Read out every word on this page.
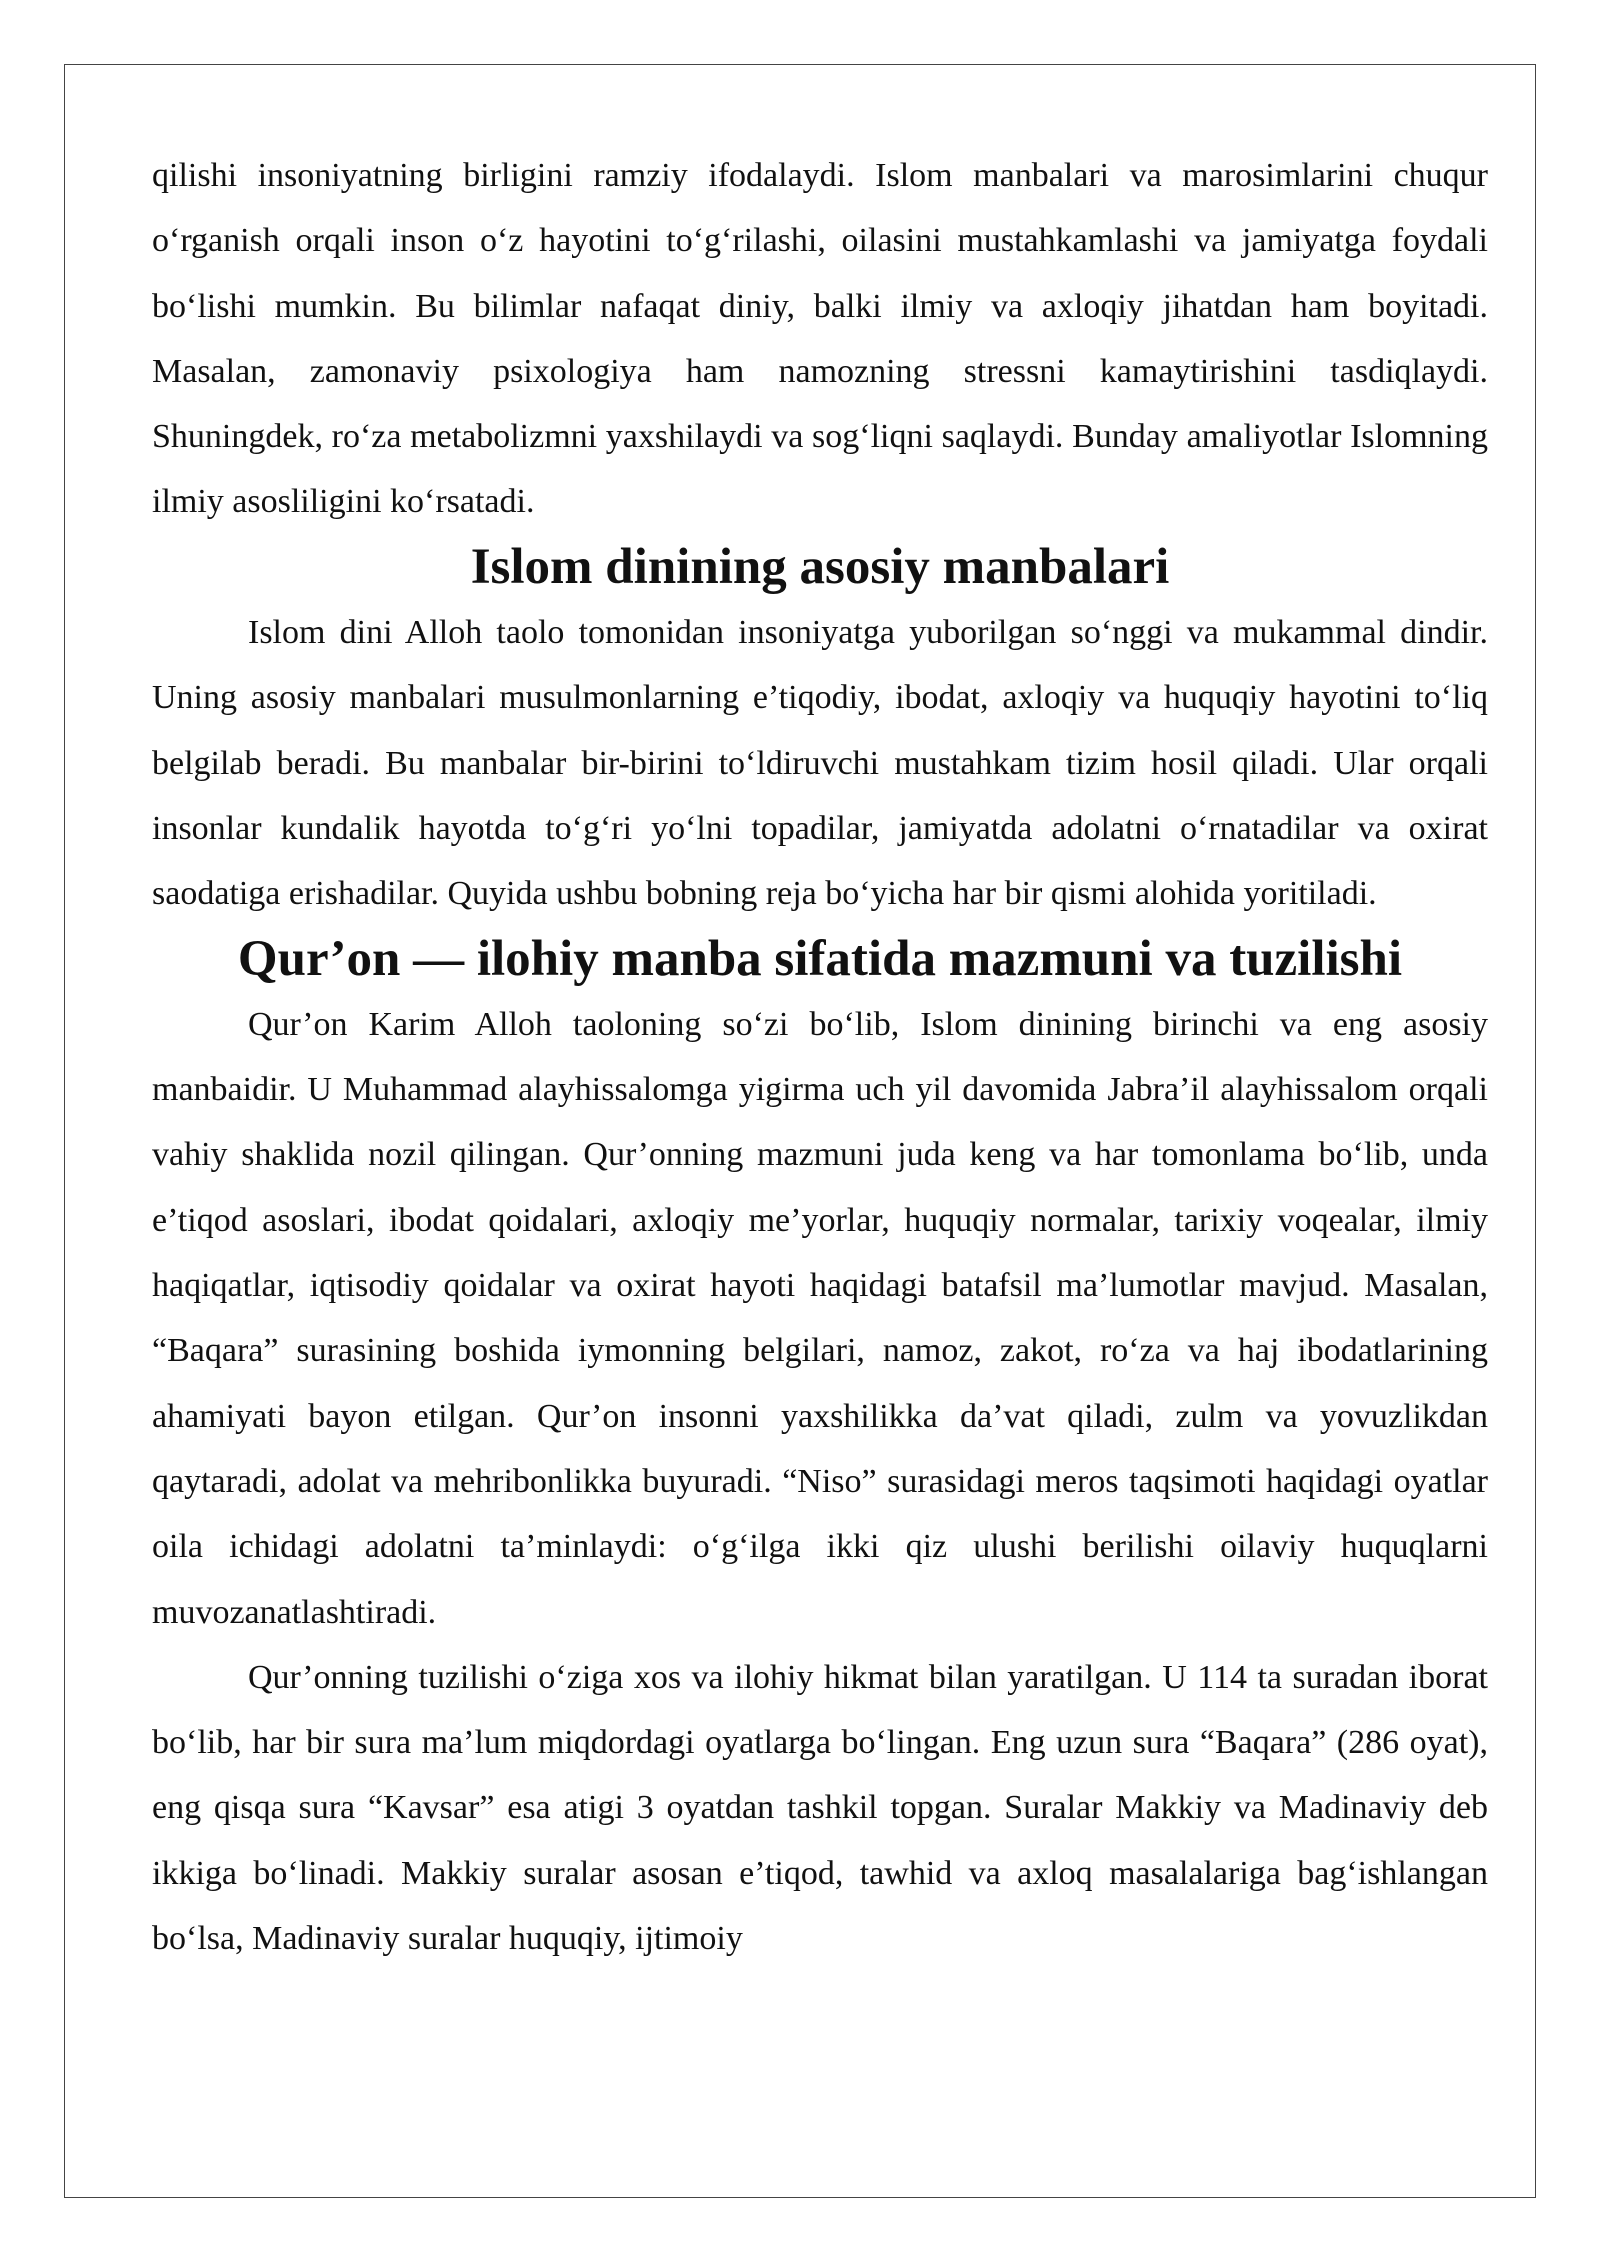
qilishi insoniyatning birligini ramziy ifodalaydi. Islom manbalari va marosimlarini chuqur o‘rganish orqali inson o‘z hayotini to‘g‘rilashi, oilasini mustahkamlashi va jamiyatga foydali bo‘lishi mumkin. Bu bilimlar nafaqat diniy, balki ilmiy va axloqiy jihatdan ham boyitadi. Masalan, zamonaviy psixologiya ham namozning stressni kamaytirishini tasdiqlaydi. Shuningdek, ro‘za metabolizmni yaxshilaydi va sog‘liqni saqlaydi. Bunday amaliyotlar Islomning ilmiy asosliligini ko‘rsatadi.

Islom dinining asosiy manbalari

Islom dini Alloh taolo tomonidan insoniyatga yuborilgan so‘nggi va mukammal dindir. Uning asosiy manbalari musulmonlarning e’tiqodiy, ibodat, axloqiy va huquqiy hayotini to‘liq belgilab beradi. Bu manbalar bir-birini to‘ldiruvchi mustahkam tizim hosil qiladi. Ular orqali insonlar kundalik hayotda to‘g‘ri yo‘lni topadilar, jamiyatda adolatni o‘rnatadilar va oxirat saodatiga erishadilar. Quyida ushbu bobning reja bo‘yicha har bir qismi alohida yoritiladi.

Qur’on — ilohiy manba sifatida mazmuni va tuzilishi

Qur’on Karim Alloh taoloning so‘zi bo‘lib, Islom dinining birinchi va eng asosiy manbaidir. U Muhammad alayhissalomga yigirma uch yil davomida Jabra’il alayhissalom orqali vahiy shaklida nozil qilingan. Qur’onning mazmuni juda keng va har tomonlama bo‘lib, unda e’tiqod asoslari, ibodat qoidalari, axloqiy me’yorlar, huquqiy normalar, tarixiy voqealar, ilmiy haqiqatlar, iqtisodiy qoidalar va oxirat hayoti haqidagi batafsil ma’lumotlar mavjud. Masalan, “Baqara” surasining boshida iymonning belgilari, namoz, zakot, ro‘za va haj ibodatlarining ahamiyati bayon etilgan. Qur’on insonni yaxshilikka da’vat qiladi, zulm va yovuzlikdan qaytaradi, adolat va mehribonlikka buyuradi. “Niso” surasidagi meros taqsimoti haqidagi oyatlar oila ichidagi adolatni ta’minlaydi: o‘g‘ilga ikki qiz ulushi berilishi oilaviy huquqlarni muvozanatlashtiradi.

Qur’onning tuzilishi o‘ziga xos va ilohiy hikmat bilan yaratilgan. U 114 ta suradan iborat bo‘lib, har bir sura ma’lum miqdordagi oyatlarga bo‘lingan. Eng uzun sura “Baqara” (286 oyat), eng qisqa sura “Kavsar” esa atigi 3 oyatdan tashkil topgan. Suralar Makkiy va Madinaviy deb ikkiga bo‘linadi. Makkiy suralar asosan e’tiqod, tawhid va axloq masalalariga bag‘ishlangan bo‘lsa, Madinaviy suralar huquqiy, ijtimoiy
